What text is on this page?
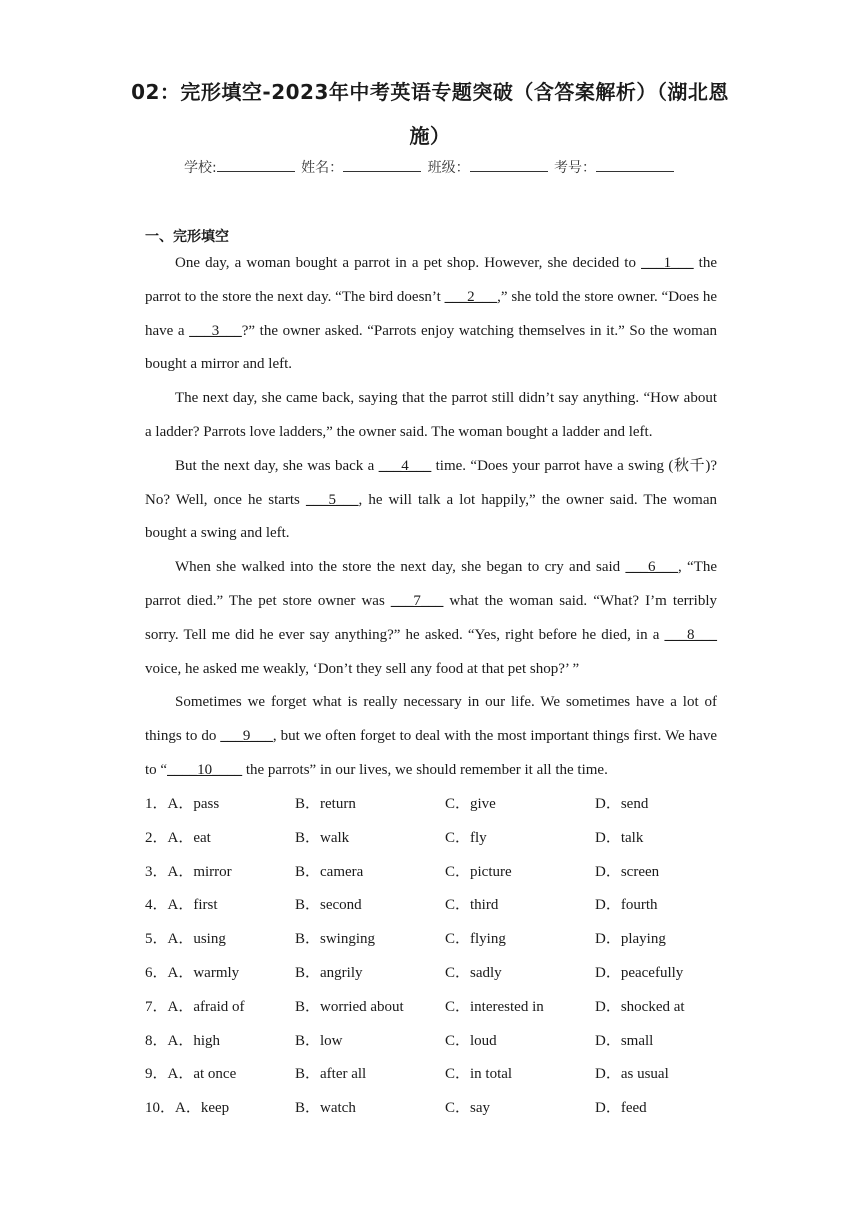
02：完形填空-2023年中考英语专题突破（含答案解析）（湖北恩施）
学校:	姓名：	班级：	考号：
一、完形填空

One day, a woman bought a parrot in a pet shop. However, she decided to ___1___ the parrot to the store the next day. “The bird doesn’t ___2___,” she told the store owner. “Does he have a ___3___?” the owner asked. “Parrots enjoy watching themselves in it.” So the woman bought a mirror and left.

The next day, she came back, saying that the parrot still didn’t say anything. “How about a ladder? Parrots love ladders,” the owner said. The woman bought a ladder and left.

But the next day, she was back a ___4___ time. “Does your parrot have a swing (秋千)? No? Well, once he starts ___5___, he will talk a lot happily,” the owner said. The woman bought a swing and left.

When she walked into the store the next day, she began to cry and said ___6___, “The parrot died.” The pet store owner was ___7___ what the woman said. “What? I’m terribly sorry. Tell me did he ever say anything?” he asked. “Yes, right before he died, in a ___8___ voice, he asked me weakly, ‘Don’t they sell any food at that pet shop?’ ”

Sometimes we forget what is really necessary in our life. We sometimes have a lot of things to do ___9___, but we often forget to deal with the most important things first. We have to “____10____ the parrots” in our lives, we should remember it all the time.

1．A．pass	B．return	C．give	D．send
2．A．eat	B．walk	C．fly	D．talk
3．A．mirror	B．camera	C．picture	D．screen
4．A．first	B．second	C．third	D．fourth
5．A．using	B．swinging	C．flying	D．playing
6．A．warmly	B．angrily	C．sadly	D．peacefully
7．A．afraid of	B．worried about	C．interested in	D．shocked at
8．A．high	B．low	C．loud	D．small
9．A．at once	B．after all	C．in total	D．as usual
10．A．keep	B．watch	C．say	D．feed
